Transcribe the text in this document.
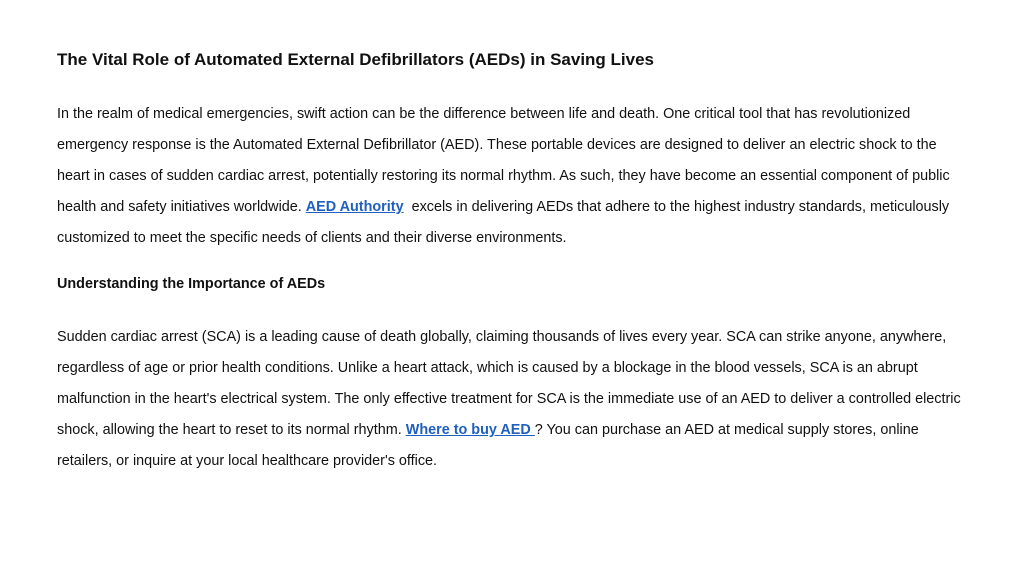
The Vital Role of Automated External Defibrillators (AEDs) in Saving Lives

In the realm of medical emergencies, swift action can be the difference between life and death. One critical tool that has revolutionized emergency response is the Automated External Defibrillator (AED). These portable devices are designed to deliver an electric shock to the heart in cases of sudden cardiac arrest, potentially restoring its normal rhythm. As such, they have become an essential component of public health and safety initiatives worldwide. AED Authority  excels in delivering AEDs that adhere to the highest industry standards, meticulously customized to meet the specific needs of clients and their diverse environments.

Understanding the Importance of AEDs

Sudden cardiac arrest (SCA) is a leading cause of death globally, claiming thousands of lives every year. SCA can strike anyone, anywhere, regardless of age or prior health conditions. Unlike a heart attack, which is caused by a blockage in the blood vessels, SCA is an abrupt malfunction in the heart's electrical system. The only effective treatment for SCA is the immediate use of an AED to deliver a controlled electric shock, allowing the heart to reset to its normal rhythm. Where to buy AED ? You can purchase an AED at medical supply stores, online retailers, or inquire at your local healthcare provider's office.
